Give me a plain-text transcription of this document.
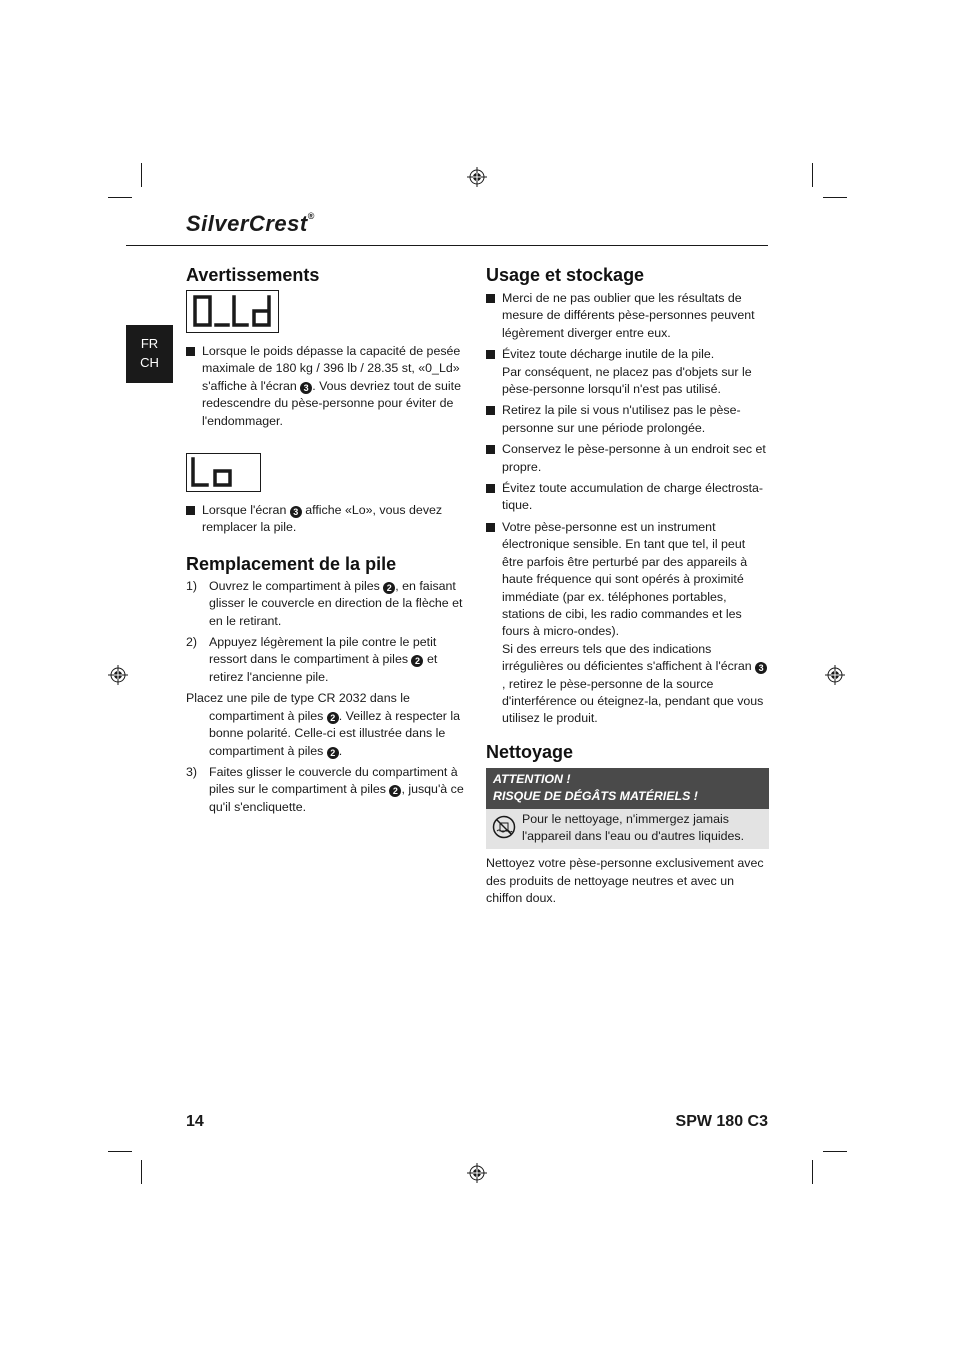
SilverCrest®
FR
CH
Avertissements
Lorsque le poids dépasse la capacité de pesée maximale de 180 kg / 396 lb / 28.35 st, «0_Ld» s'affiche à l'écran 3 . Vous devriez tout de suite redescendre du pèse-personne pour éviter de l'endommager.
Lorsque l'écran 3 affiche «Lo», vous devez remplacer la pile.
Remplacement de la pile
1) Ouvrez le compartiment à piles 2 , en faisant glisser le couvercle en direction de la flèche et en le retirant.
2) Appuyez légèrement la pile contre le petit ressort dans le compartiment à piles 2 et retirez l'ancienne pile.
Placez une pile de type CR 2032 dans le compartiment à piles 2 . Veillez à respecter la bonne polarité. Celle-ci est illustrée dans le compartiment à piles 2 .
3) Faites glisser le couvercle du compartiment à piles sur le compartiment à piles 2 , jusqu'à ce qu'il s'encliquette.
Usage et stockage
Merci de ne pas oublier que les résultats de mesure de différents pèse-personnes peuvent légèrement diverger entre eux.
Évitez toute décharge inutile de la pile.
Par conséquent, ne placez pas d'objets sur le pèse-personne lorsqu'il n'est pas utilisé.
Retirez la pile si vous n'utilisez pas le pèse-personne sur une période prolongée.
Conservez le pèse-personne à un endroit sec et propre.
Évitez toute accumulation de charge électrosta-tique.
Votre pèse-personne est un instrument électronique sensible. En tant que tel, il peut être parfois être perturbé par des appareils à haute fréquence qui sont opérés à proximité immédiate (par ex. téléphones portables, stations de cibi, les radio commandes et les fours à micro-ondes).
Si des erreurs tels que des indications irrégulières ou déficientes s'affichent à l'écran 3, retirez le pèse-personne de la source d'interférence ou éteignez-la, pendant que vous utilisez le produit.
Nettoyage
ATTENTION !
RISQUE DE DÉGÂTS MATÉRIELS !
Pour le nettoyage, n'immergez jamais l'appareil dans l'eau ou d'autres liquides.
Nettoyez votre pèse-personne exclusivement avec des produits de nettoyage neutres et avec un chiffon doux.
14	SPW 180 C3
